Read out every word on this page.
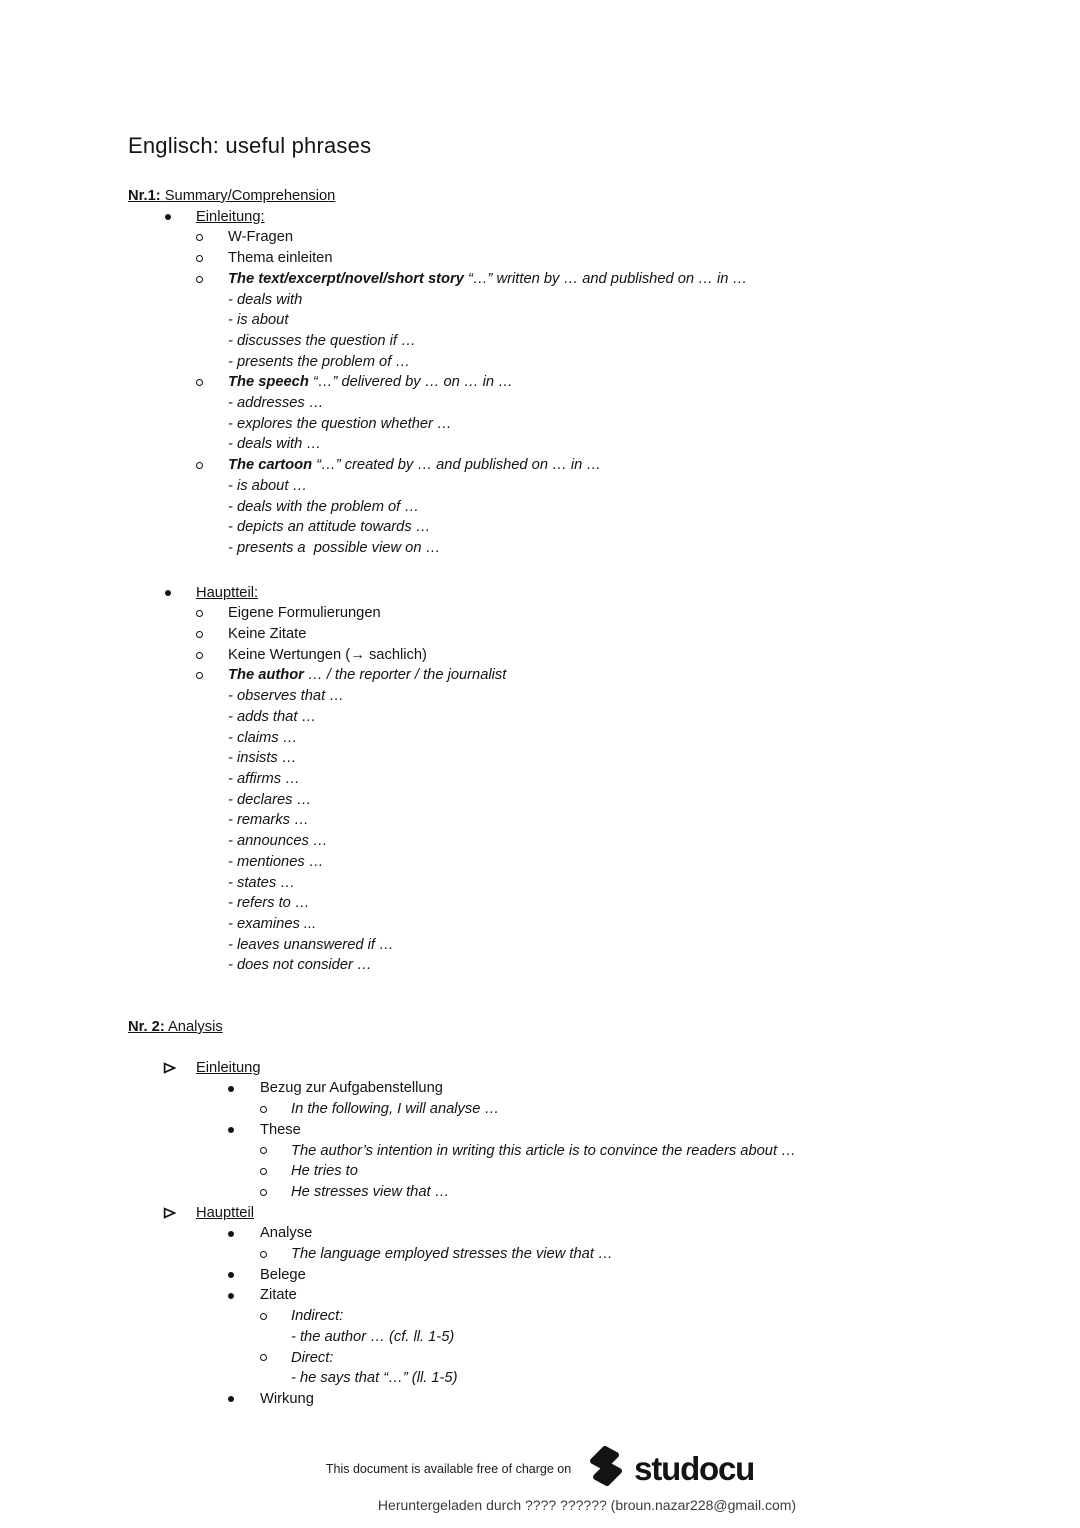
Englisch: useful phrases

Nr.1: Summary/Comprehension

Einleitung:
W-Fragen
Thema einleiten
The text/excerpt/novel/short story “…” written by … and published on … in …
- deals with
- is about
- discusses the question if …
- presents the problem of …
The speech “…” delivered by … on … in …
- addresses …
- explores the question whether …
- deals with …
The cartoon “…” created by … and published on … in …
- is about …
- deals with the problem of …
- depicts an attitude towards …
- presents a  possible view on …
Hauptteil:
Eigene Formulierungen
Keine Zitate
Keine Wertungen (→ sachlich)
The author … / the reporter / the journalist
- observes that …
- adds that …
- claims …
- insists …
- affirms …
- declares …
- remarks …
- announces …
- mentiones …
- states …
- refers to …
- examines ...
- leaves unanswered if …
- does not consider …

Nr. 2: Analysis

Einleitung
Bezug zur Aufgabenstellung
In the following, I will analyse …
These
The author’s intention in writing this article is to convince the readers about …
He tries to
He stresses view that …
Hauptteil
Analyse
The language employed stresses the view that …
Belege
Zitate
Indirect:
- the author … (cf. ll. 1-5)
Direct:
- he says that “…” (ll. 1-5)
Wirkung
This document is available free of charge on studocu
Heruntergeladen durch ???? ?????? (broun.nazar228@gmail.com)
